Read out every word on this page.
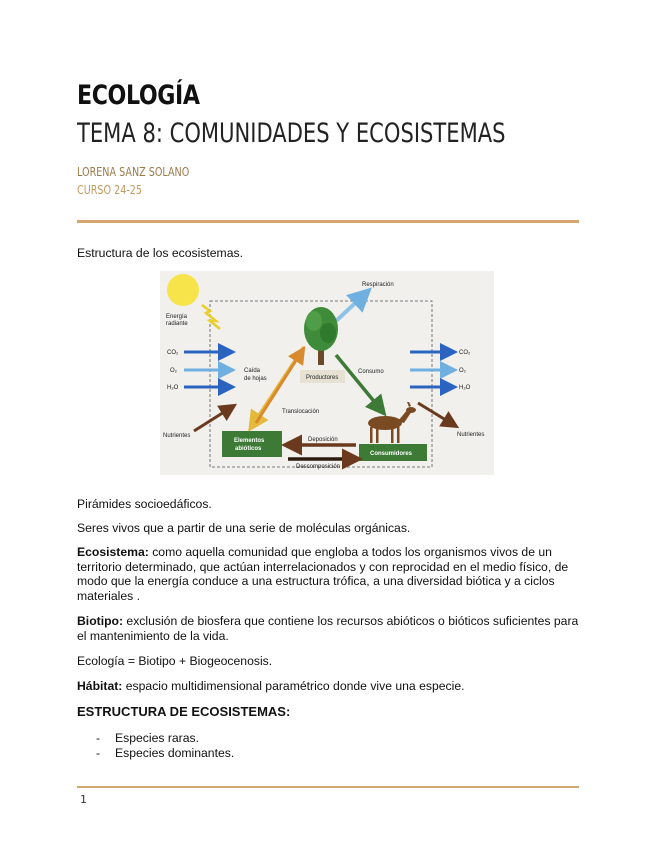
ECOLOGÍA
TEMA 8: COMUNIDADES Y ECOSISTEMAS
LORENA SANZ SOLANO
CURSO 24-25
Estructura de los ecosistemas.
Energía
radiante
CO₂
O₂
H₂O
Nutrientes
Respiración
Productores
Caída
de hojas
Translocación
Consumo
CO₂
O₂
H₂O
Nutrientes
Elementos
abióticos
Consumidores
Deposición
Descomposición
Pirámides socioedáficos.
Seres vivos que a partir de una serie de moléculas orgánicas.
Ecosistema: como aquella comunidad que engloba a todos los organismos vivos de un territorio determinado, que actúan interrelacionados y con reprocidad en el medio físico, de modo que la energía conduce a una estructura trófica, a una diversidad biótica y a ciclos materiales .
Biotipo: exclusión de biosfera que contiene los recursos abióticos o bióticos suficientes para el mantenimiento de la vida.
Ecología = Biotipo + Biogeocenosis.
Hábitat: espacio multidimensional paramétrico donde vive una especie.
ESTRUCTURA DE ECOSISTEMAS:
-	Especies raras.
-	Especies dominantes.
1
